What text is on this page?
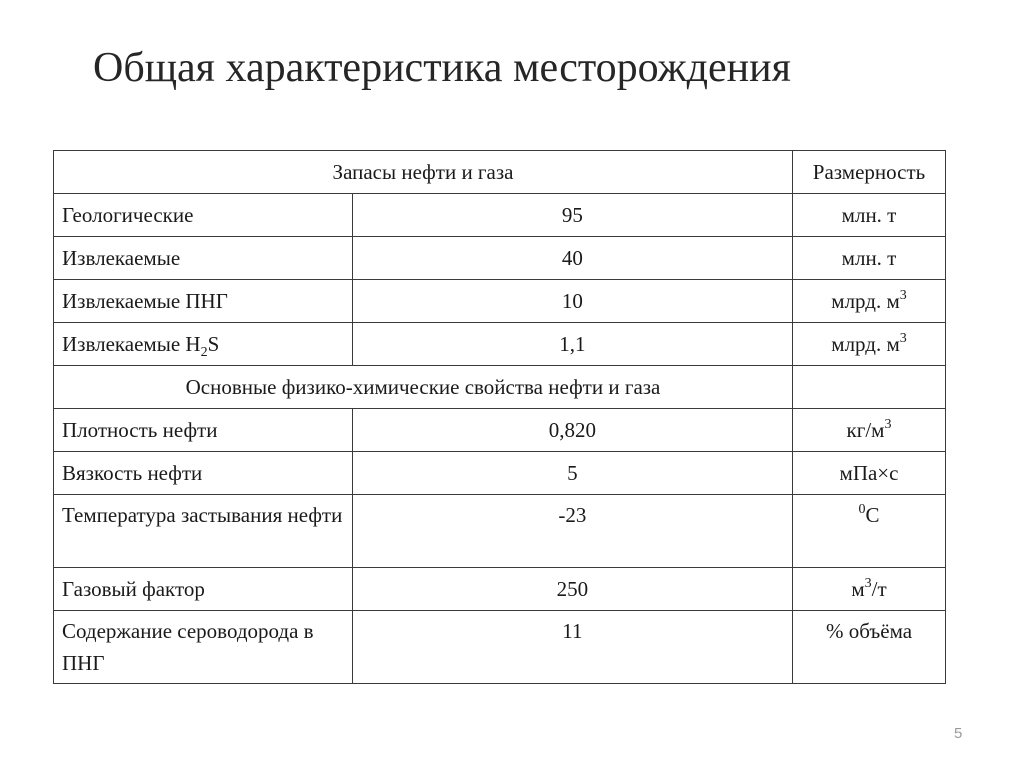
Общая характеристика месторождения
Запасы нефти и газа		Размерность
Геологические	95	млн. т
Извлекаемые	40	млн. т
Извлекаемые ПНГ	10	млрд. $м^3$
Извлекаемые $H_2S$	1,1	млрд. $м^3$
Основные физико-химические свойства нефти и газа		
Плотность нефти	0,820	$кг/м^3$
Вязкость нефти	5	мПа×с
Температура застывания нефти	-23	$^0$С
Газовый фактор	250	$м^3/т$
Содержание сероводорода в ПНГ	11	% объёма
5
